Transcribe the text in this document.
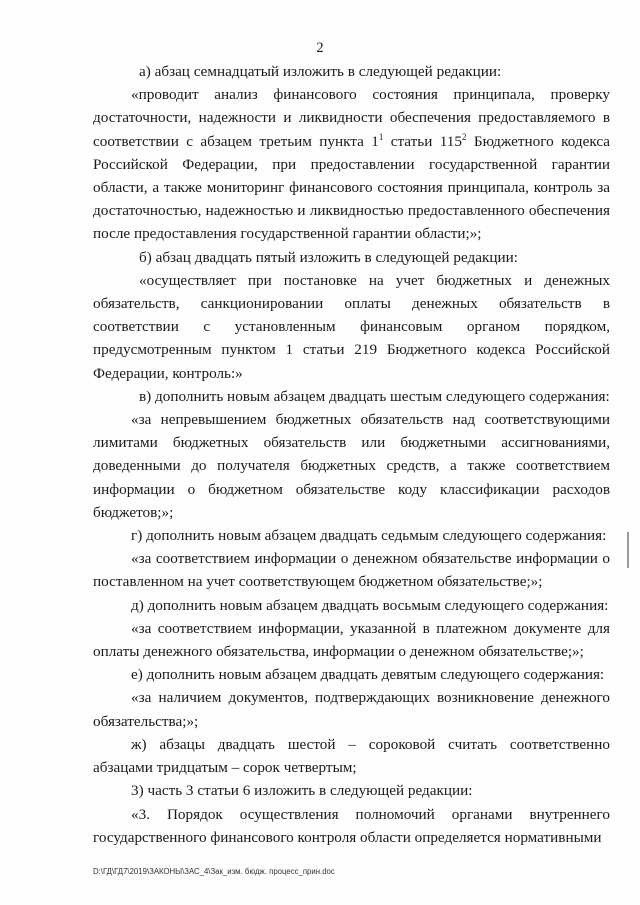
2

а) абзац семнадцатый изложить в следующей редакции:

«проводит анализ финансового состояния принципала, проверку достаточности, надежности и ликвидности обеспечения предоставляемого в соответствии с абзацем третьим пункта $1^1$ статьи $115^2$ Бюджетного кодекса Российской Федерации, при предоставлении государственной гарантии области, а также мониторинг финансового состояния принципала, контроль за достаточностью, надежностью и ликвидностью предоставленного обеспечения после предоставления государственной гарантии области;»;

б) абзац двадцать пятый изложить в следующей редакции:

«осуществляет при постановке на учет бюджетных и денежных обязательств, санкционировании оплаты денежных обязательств в соответствии с установленным финансовым органом порядком, предусмотренным пунктом 1 статьи 219 Бюджетного кодекса Российской Федерации, контроль:»

в) дополнить новым абзацем двадцать шестым следующего содержания:

«за непревышением бюджетных обязательств над соответствующими лимитами бюджетных обязательств или бюджетными ассигнованиями, доведенными до получателя бюджетных средств, а также соответствием информации о бюджетном обязательстве коду классификации расходов бюджетов;»;

г) дополнить новым абзацем двадцать седьмым следующего содержания:

«за соответствием информации о денежном обязательстве информации о поставленном на учет соответствующем бюджетном обязательстве;»;

д) дополнить новым абзацем двадцать восьмым следующего содержания:

«за соответствием информации, указанной в платежном документе для оплаты денежного обязательства, информации о денежном обязательстве;»;

е) дополнить новым абзацем двадцать девятым следующего содержания:

«за наличием документов, подтверждающих возникновение денежного обязательства;»;

ж) абзацы двадцать шестой – сороковой считать соответственно абзацами тридцатым – сорок четвертым;

3) часть 3 статьи 6 изложить в следующей редакции:

«3. Порядок осуществления полномочий органами внутреннего государственного финансового контроля области определяется нормативными

D:\ГД\ГД7\2019\ЗАКОНЫ\ЗАС_4\Зак_изм. бюдж. процесс_прин.doc
